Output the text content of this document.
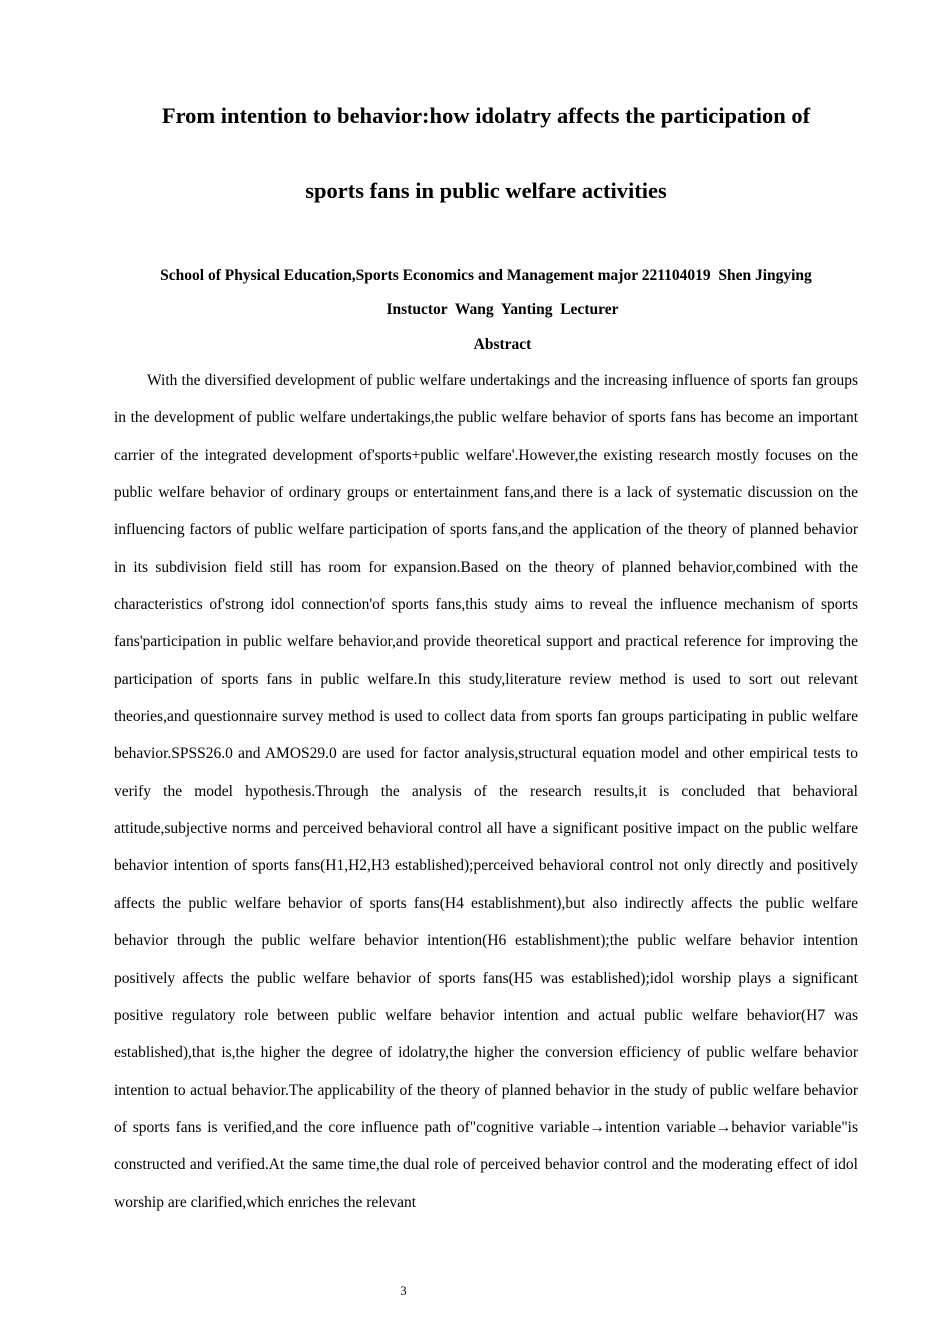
From intention to behavior:how idolatry affects the participation of
sports fans in public welfare activities

School of Physical Education,Sports Economics and Management major 221104019  Shen Jingying

Instuctor  Wang  Yanting  Lecturer

Abstract

With the diversified development of public welfare undertakings and the increasing influence of sports fan groups in the development of public welfare undertakings,the public welfare behavior of sports fans has become an important carrier of the integrated development of'sports+public welfare'.However,the existing research mostly focuses on the public welfare behavior of ordinary groups or entertainment fans,and there is a lack of systematic discussion on the influencing factors of public welfare participation of sports fans,and the application of the theory of planned behavior in its subdivision field still has room for expansion.Based on the theory of planned behavior,combined with the characteristics of'strong idol connection'of sports fans,this study aims to reveal the influence mechanism of sports fans'participation in public welfare behavior,and provide theoretical support and practical reference for improving the participation of sports fans in public welfare.In this study,literature review method is used to sort out relevant theories,and questionnaire survey method is used to collect data from sports fan groups participating in public welfare behavior.SPSS26.0 and AMOS29.0 are used for factor analysis,structural equation model and other empirical tests to verify the model hypothesis.Through the analysis of the research results,it is concluded that behavioral attitude,subjective norms and perceived behavioral control all have a significant positive impact on the public welfare behavior intention of sports fans(H1,H2,H3 established);perceived behavioral control not only directly and positively affects the public welfare behavior of sports fans(H4 establishment),but also indirectly affects the public welfare behavior through the public welfare behavior intention(H6 establishment);the public welfare behavior intention positively affects the public welfare behavior of sports fans(H5 was established);idol worship plays a significant positive regulatory role between public welfare behavior intention and actual public welfare behavior(H7 was established),that is,the higher the degree of idolatry,the higher the conversion efficiency of public welfare behavior intention to actual behavior.The applicability of the theory of planned behavior in the study of public welfare behavior of sports fans is verified,and the core influence path of"cognitive variable→intention variable→behavior variable"is constructed and verified.At the same time,the dual role of perceived behavior control and the moderating effect of idol worship are clarified,which enriches the relevant

3
